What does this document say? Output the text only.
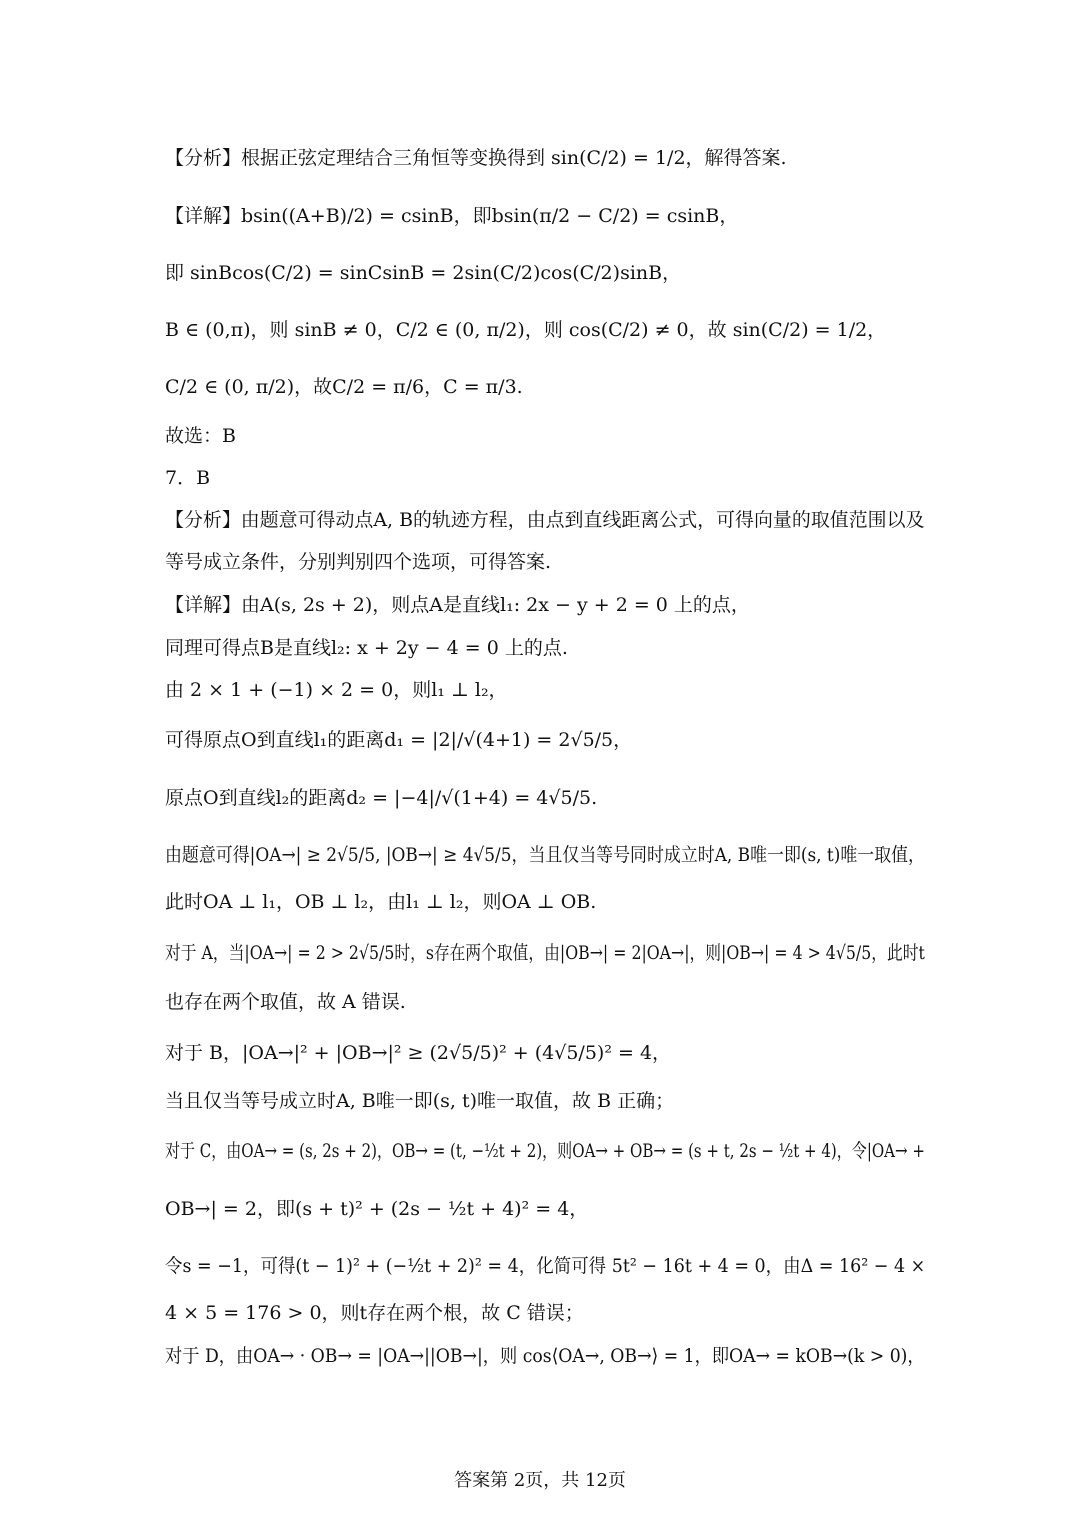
【分析】根据正弦定理结合三角恒等变换得到 sin(C/2) = 1/2，解得答案.
【详解】bsin((A+B)/2) = csinB，即bsin(π/2 − C/2) = csinB，
即 sinBcos(C/2) = sinCsinB = 2sin(C/2)cos(C/2)sinB，
B ∈ (0,π)，则 sinB ≠ 0，C/2 ∈ (0, π/2)，则 cos(C/2) ≠ 0，故 sin(C/2) = 1/2，
C/2 ∈ (0, π/2)，故C/2 = π/6，C = π/3.
故选：B
7．B
【分析】由题意可得动点A, B的轨迹方程，由点到直线距离公式，可得向量的取值范围以及
等号成立条件，分别判别四个选项，可得答案.
【详解】由A(s, 2s + 2)，则点A是直线l₁: 2x − y + 2 = 0 上的点，
同理可得点B是直线l₂: x + 2y − 4 = 0 上的点.
由 2 × 1 + (−1) × 2 = 0，则l₁ ⊥ l₂，
可得原点O到直线l₁的距离d₁ = |2|/√(4+1) = 2√5/5，
原点O到直线l₂的距离d₂ = |−4|/√(1+4) = 4√5/5.
由题意可得|OA→| ≥ 2√5/5, |OB→| ≥ 4√5/5，当且仅当等号同时成立时A, B唯一即(s, t)唯一取值，
此时OA ⊥ l₁，OB ⊥ l₂，由l₁ ⊥ l₂，则OA ⊥ OB.
对于 A，当|OA→| = 2 > 2√5/5时，s存在两个取值，由|OB→| = 2|OA→|，则|OB→| = 4 > 4√5/5，此时t
也存在两个取值，故 A 错误.
对于 B，|OA→|² + |OB→|² ≥ (2√5/5)² + (4√5/5)² = 4，
当且仅当等号成立时A, B唯一即(s, t)唯一取值，故 B 正确；
对于 C，由OA→ = (s, 2s + 2)，OB→ = (t, −½t + 2)，则OA→ + OB→ = (s + t, 2s − ½t + 4)，令|OA→ +
OB→| = 2，即(s + t)² + (2s − ½t + 4)² = 4，
令s = −1，可得(t − 1)² + (−½t + 2)² = 4，化简可得 5t² − 16t + 4 = 0，由Δ = 16² − 4 ×
4 × 5 = 176 > 0，则t存在两个根，故 C 错误；
对于 D，由OA→ · OB→ = |OA→||OB→|，则 cos⟨OA→, OB→⟩ = 1，即OA→ = kOB→(k > 0)，
答案第 2页，共 12页
